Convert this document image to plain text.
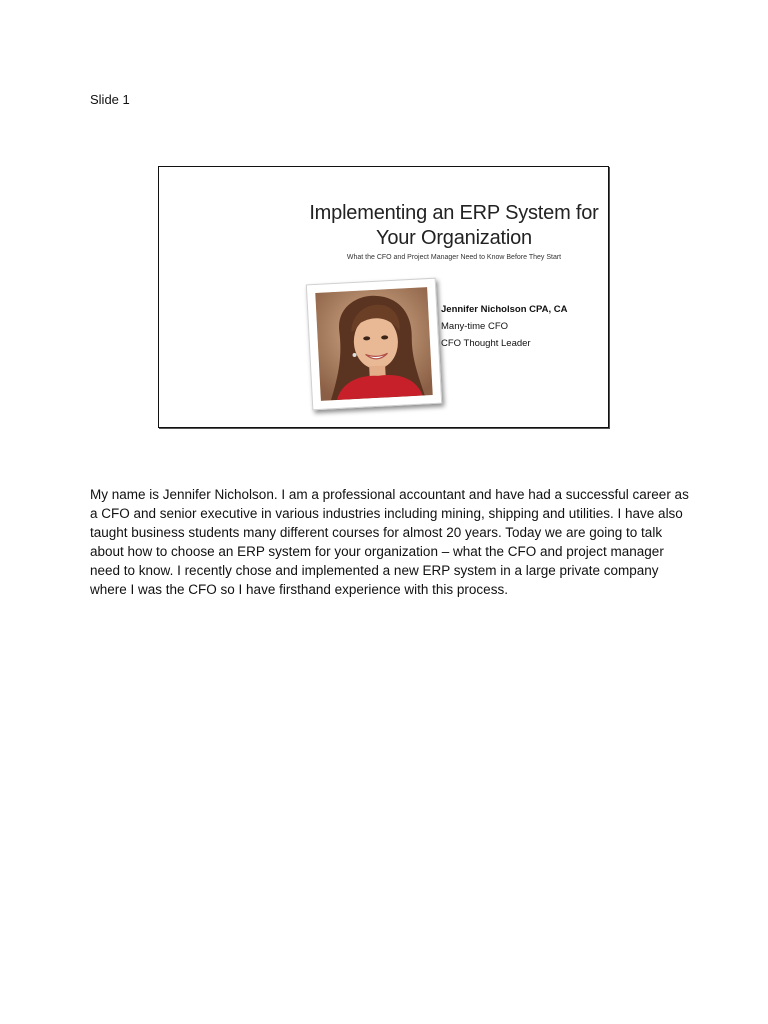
Slide 1
Implementing an ERP System for Your Organization
What the CFO and Project Manager Need to Know Before They Start
Jennifer Nicholson CPA, CA
Many-time CFO
CFO Thought Leader
My name is Jennifer Nicholson. I am a professional accountant and have had a successful career as a CFO and senior executive in various industries including mining, shipping and utilities. I have also taught business students many different courses for almost 20 years. Today we are going to talk about how to choose an ERP system for your organization – what the CFO and project manager need to know. I recently chose and implemented a new ERP system in a large private company where I was the CFO so I have firsthand experience with this process.
